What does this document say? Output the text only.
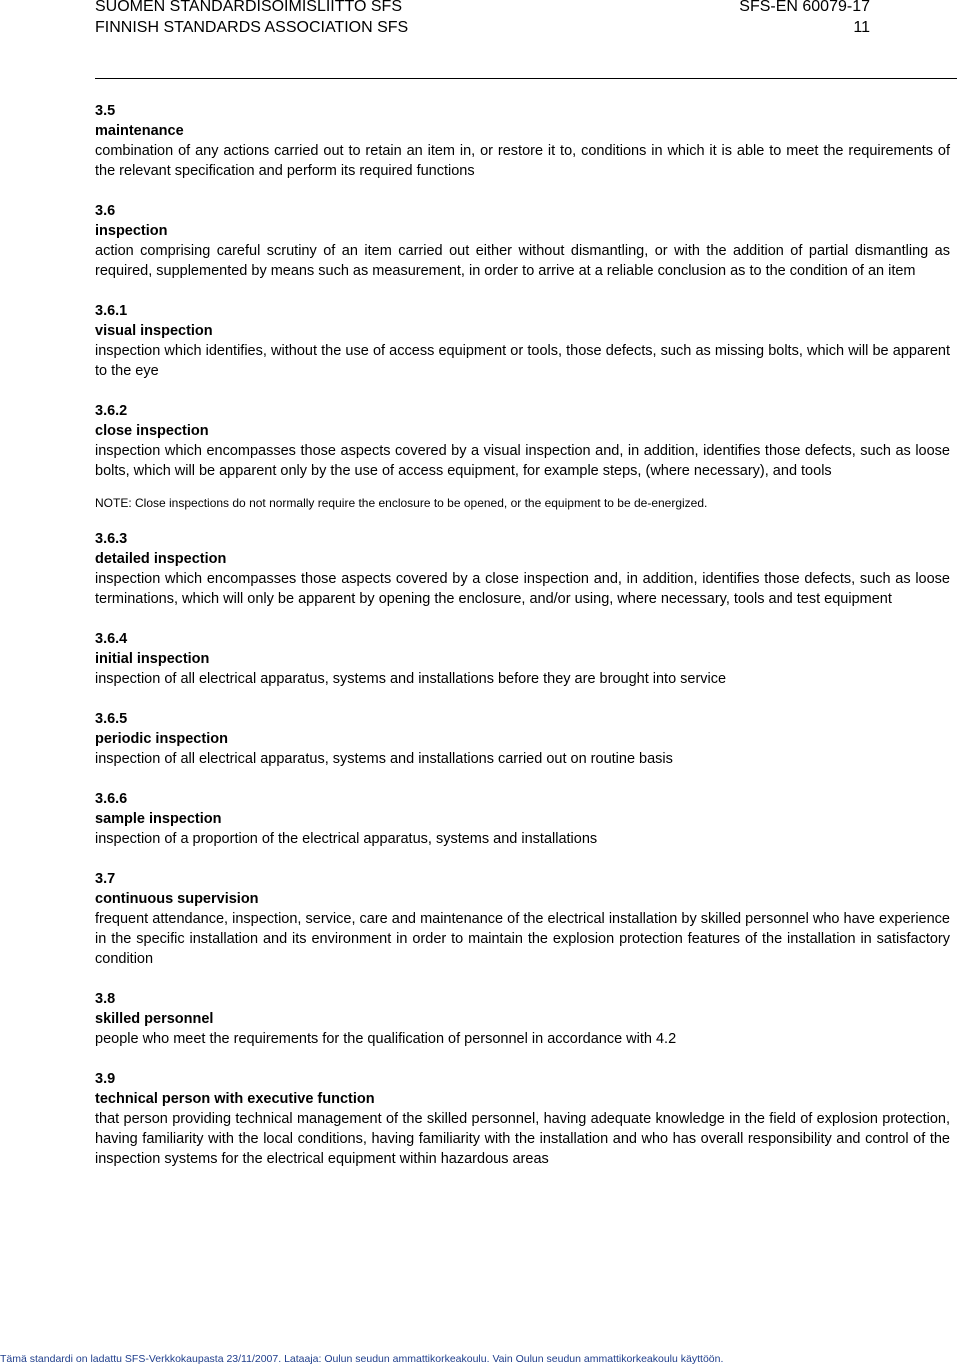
SUOMEN STANDARDISOIMISLIITTO SFS	SFS-EN 60079-17
FINNISH STANDARDS ASSOCIATION SFS	11
3.5
maintenance
combination of any actions carried out to retain an item in, or restore it to, conditions in which it is able to meet the requirements of the relevant specification and perform its required functions
3.6
inspection
action comprising careful scrutiny of an item carried out either without dismantling, or with the addition of partial dismantling as required, supplemented by means such as measurement, in order to arrive at a reliable conclusion as to the condition of an item
3.6.1
visual inspection
inspection which identifies, without the use of access equipment or tools, those defects, such as missing bolts, which will be apparent to the eye
3.6.2
close inspection
inspection which encompasses those aspects covered by a visual inspection and, in addition, identifies those defects, such as loose bolts, which will be apparent only by the use of access equipment, for example steps, (where necessary), and tools
NOTE: Close inspections do not normally require the enclosure to be opened, or the equipment to be de-energized.
3.6.3
detailed inspection
inspection which encompasses those aspects covered by a close inspection and, in addition, identifies those defects, such as loose terminations, which will only be apparent by opening the enclosure, and/or using, where necessary, tools and test equipment
3.6.4
initial inspection
inspection of all electrical apparatus, systems and installations before they are brought into service
3.6.5
periodic inspection
inspection of all electrical apparatus, systems and installations carried out on routine basis
3.6.6
sample inspection
inspection of a proportion of the electrical apparatus, systems and installations
3.7
continuous supervision
frequent attendance, inspection, service, care and maintenance of the electrical installation by skilled personnel who have experience in the specific installation and its environment in order to maintain the explosion protection features of the installation in satisfactory condition
3.8
skilled personnel
people who meet the requirements for the qualification of personnel in accordance with 4.2
3.9
technical person with executive function
that person providing technical management of the skilled personnel, having adequate knowledge in the field of explosion protection, having familiarity with the local conditions, having familiarity with the installation and who has overall responsibility and control of the inspection systems for the electrical equipment within hazardous areas
Tämä standardi on ladattu SFS-Verkkokaupasta 23/11/2007. Lataaja: Oulun seudun ammattikorkeakoulu. Vain Oulun seudun ammattikorkeakoulu käyttöön.
